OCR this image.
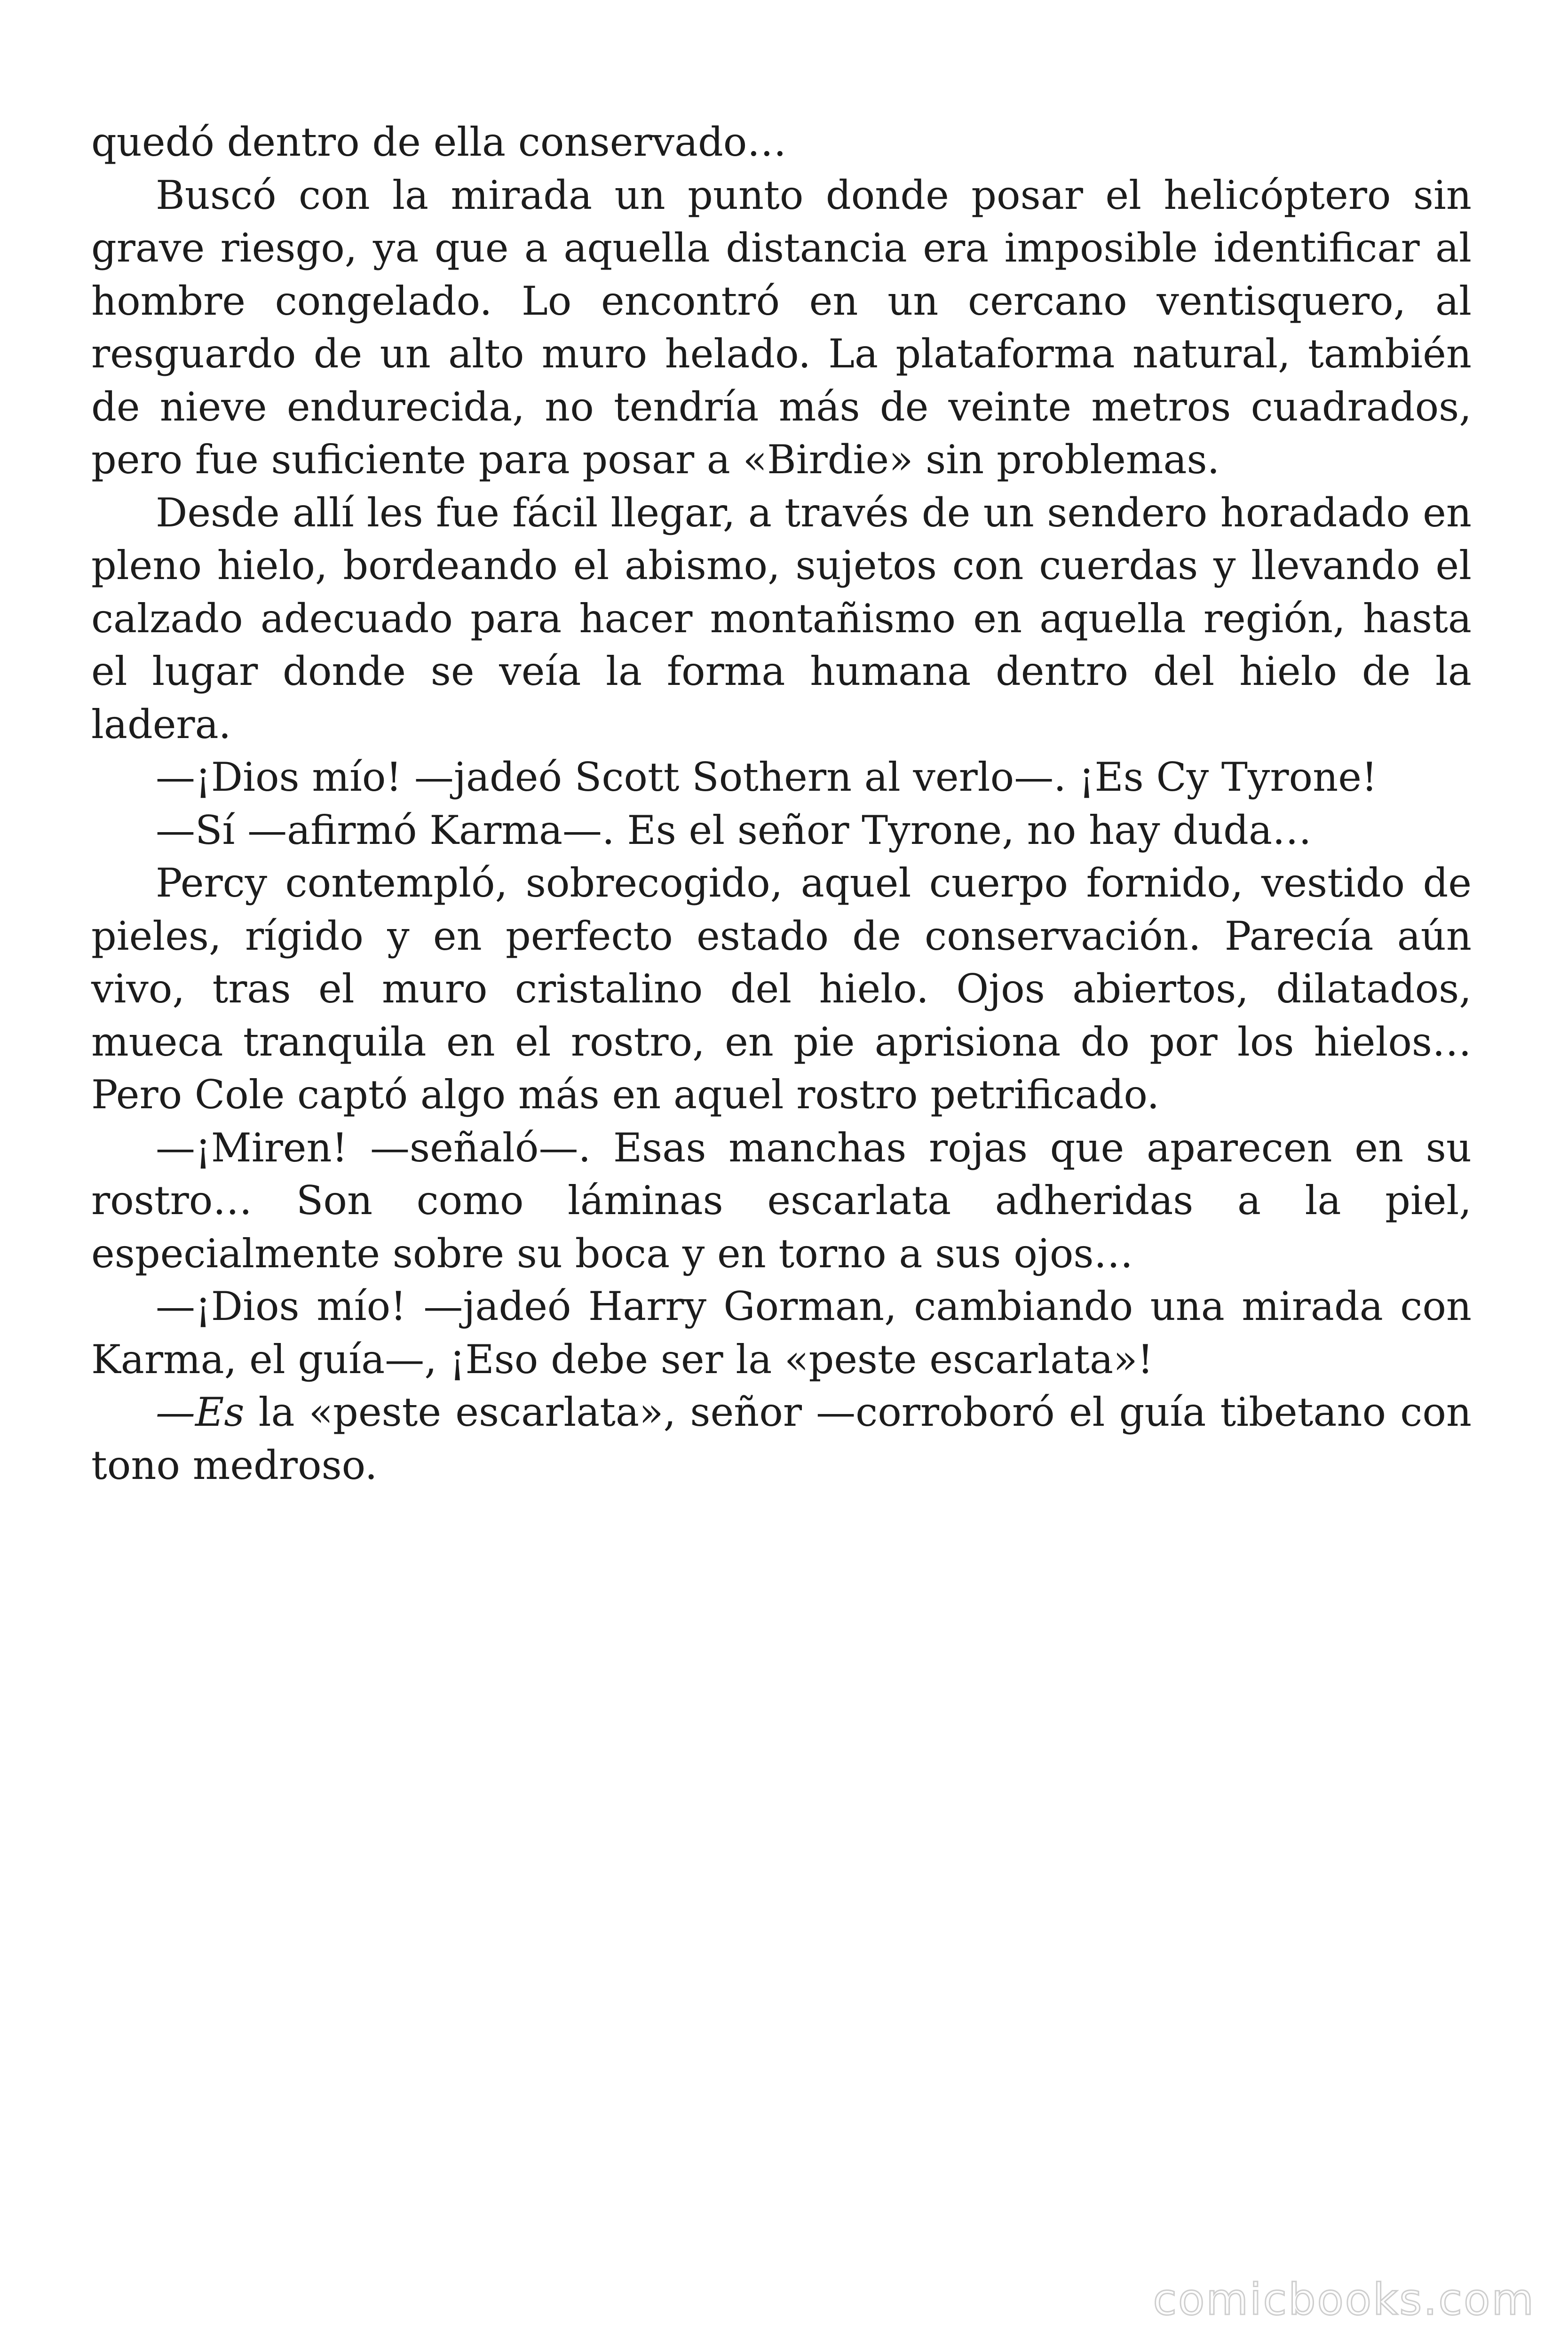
quedó dentro de ella conservado…

Buscó con la mirada un punto donde posar el helicóptero sin grave riesgo, ya que a aquella distancia era imposible identificar al hombre congelado. Lo encontró en un cercano ventisquero, al resguardo de un alto muro helado. La plataforma natural, también de nieve endurecida, no tendría más de veinte metros cuadrados, pero fue suficiente para posar a «Birdie» sin problemas.

Desde allí les fue fácil llegar, a través de un sendero horadado en pleno hielo, bordeando el abismo, sujetos con cuerdas y llevando el calzado adecuado para hacer montañismo en aquella región, hasta el lugar donde se veía la forma humana dentro del hielo de la ladera.

—¡Dios mío! —jadeó Scott Sothern al verlo—. ¡Es Cy Tyrone!

—Sí —afirmó Karma—. Es el señor Tyrone, no hay duda…

Percy contempló, sobrecogido, aquel cuerpo fornido, vestido de pieles, rígido y en perfecto estado de conservación. Parecía aún vivo, tras el muro cristalino del hielo. Ojos abiertos, dilatados, mueca tranquila en el rostro, en pie aprisiona do por los hielos… Pero Cole captó algo más en aquel rostro petrificado.

—¡Miren! —señaló—. Esas manchas rojas que aparecen en su rostro… Son como láminas escarlata adheridas a la piel, especialmente sobre su boca y en torno a sus ojos…

—¡Dios mío! —jadeó Harry Gorman, cambiando una mirada con Karma, el guía—, ¡Eso debe ser la «peste escarlata»!

—Es la «peste escarlata», señor —corroboró el guía tibetano con tono medroso.

comicbooks.com
